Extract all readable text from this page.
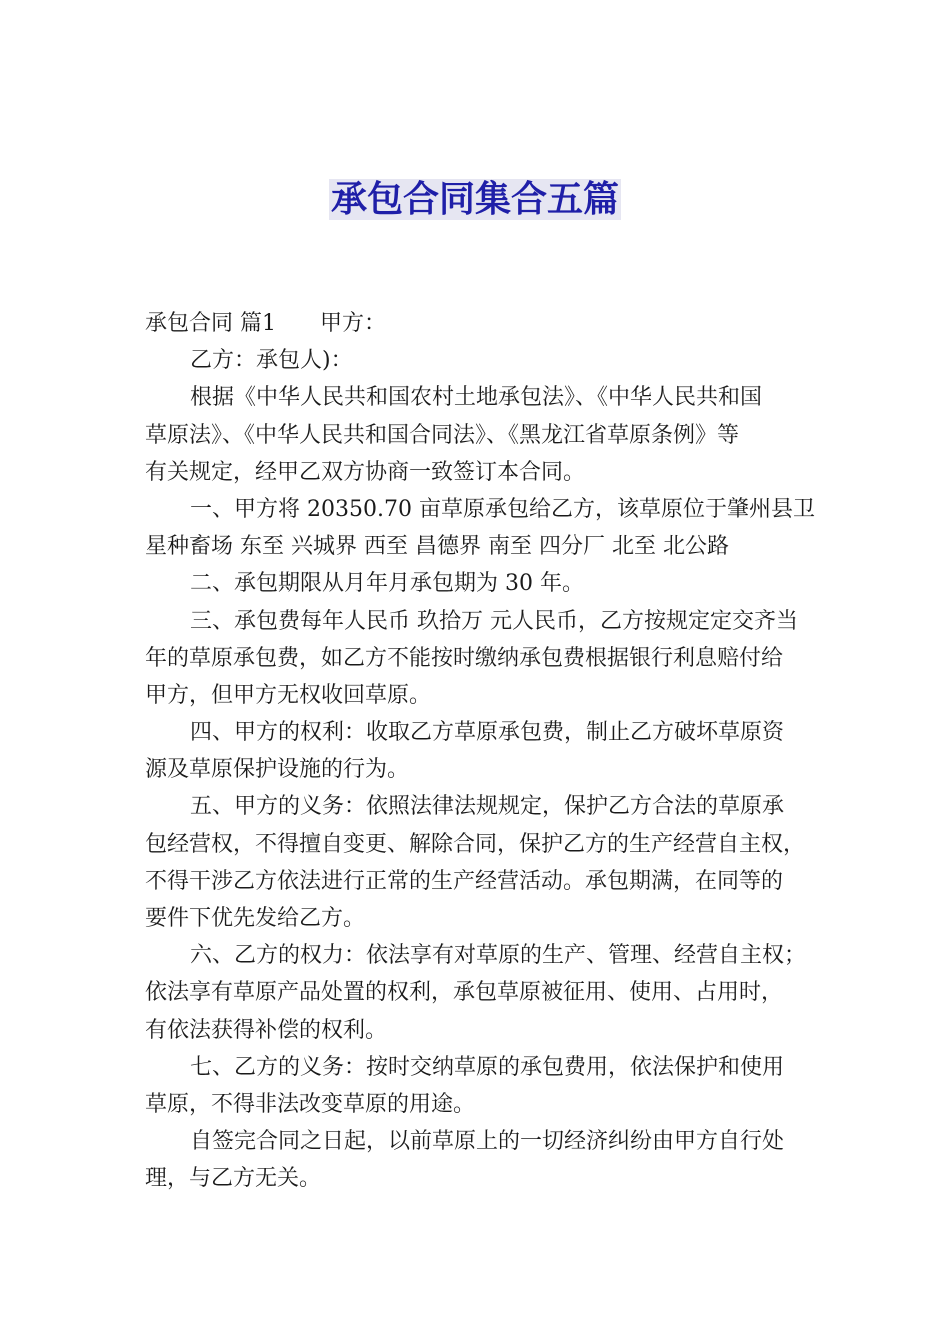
承包合同集合五篇
承包合同 篇1 甲方：
乙方：承包人)：
根据《中华人民共和国农村土地承包法》、《中华人民共和国
草原法》、《中华人民共和国合同法》、《黑龙江省草原条例》等
有关规定，经甲乙双方协商一致签订本合同。
一、甲方将 20350.70 亩草原承包给乙方，该草原位于肇州县卫
星种畜场 东至 兴城界 西至 昌德界 南至 四分厂 北至 北公路
二、承包期限从月年月承包期为 30 年。
三、承包费每年人民币 玖拾万 元人民币，乙方按规定定交齐当
年的草原承包费，如乙方不能按时缴纳承包费根据银行利息赔付给
甲方，但甲方无权收回草原。
四、甲方的权利：收取乙方草原承包费，制止乙方破坏草原资
源及草原保护设施的行为。
五、甲方的义务：依照法律法规规定，保护乙方合法的草原承
包经营权，不得擅自变更、解除合同，保护乙方的生产经营自主权，
不得干涉乙方依法进行正常的生产经营活动。承包期满，在同等的
要件下优先发给乙方。
六、乙方的权力：依法享有对草原的生产、管理、经营自主权；
依法享有草原产品处置的权利，承包草原被征用、使用、占用时，
有依法获得补偿的权利。
七、乙方的义务：按时交纳草原的承包费用，依法保护和使用
草原，不得非法改变草原的用途。
自签完合同之日起，以前草原上的一切经济纠纷由甲方自行处
理，与乙方无关。
